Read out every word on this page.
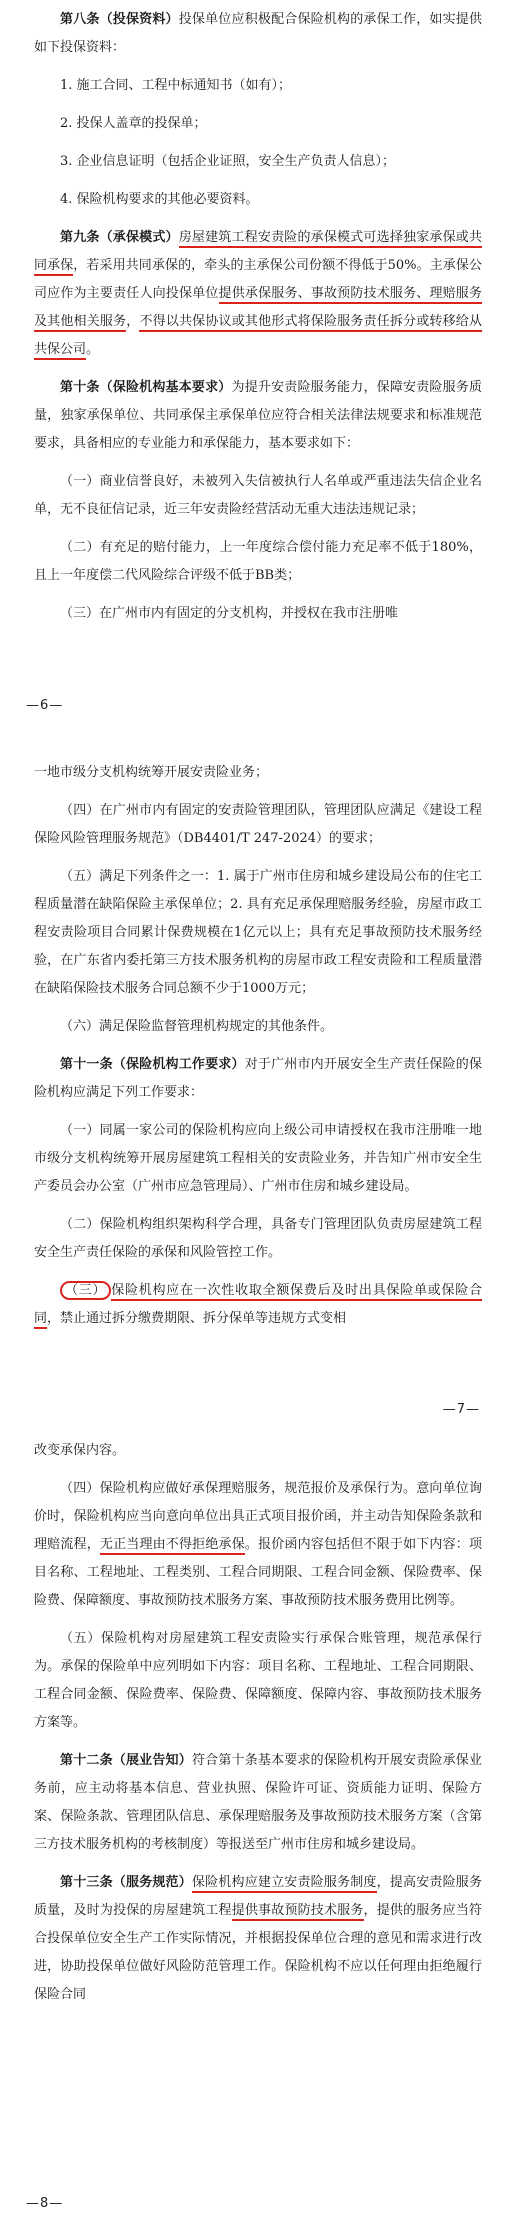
第八条（投保资料）投保单位应积极配合保险机构的承保工作，如实提供如下投保资料：

1. 施工合同、工程中标通知书（如有）；

2. 投保人盖章的投保单；

3. 企业信息证明（包括企业证照，安全生产负责人信息）；

4. 保险机构要求的其他必要资料。

第九条（承保模式）房屋建筑工程安责险的承保模式可选择独家承保或共同承保，若采用共同承保的，牵头的主承保公司份额不得低于50%。主承保公司应作为主要责任人向投保单位提供承保服务、事故预防技术服务、理赔服务及其他相关服务，不得以共保协议或其他形式将保险服务责任拆分或转移给从共保公司。

第十条（保险机构基本要求）为提升安责险服务能力，保障安责险服务质量，独家承保单位、共同承保主承保单位应符合相关法律法规要求和标准规范要求，具备相应的专业能力和承保能力，基本要求如下：

（一）商业信誉良好，未被列入失信被执行人名单或严重违法失信企业名单，无不良征信记录，近三年安责险经营活动无重大违法违规记录；

（二）有充足的赔付能力，上一年度综合偿付能力充足率不低于180%，且上一年度偿二代风险综合评级不低于BB类；

（三）在广州市内有固定的分支机构，并授权在我市注册唯

—6—

一地市级分支机构统筹开展安责险业务；

（四）在广州市内有固定的安责险管理团队，管理团队应满足《建设工程保险风险管理服务规范》（DB4401/T 247-2024）的要求；

（五）满足下列条件之一：1. 属于广州市住房和城乡建设局公布的住宅工程质量潜在缺陷保险主承保单位；2. 具有充足承保理赔服务经验，房屋市政工程安责险项目合同累计保费规模在1亿元以上；具有充足事故预防技术服务经验，在广东省内委托第三方技术服务机构的房屋市政工程安责险和工程质量潜在缺陷保险技术服务合同总额不少于1000万元；

（六）满足保险监督管理机构规定的其他条件。

第十一条（保险机构工作要求）对于广州市内开展安全生产责任保险的保险机构应满足下列工作要求：

（一）同属一家公司的保险机构应向上级公司申请授权在我市注册唯一地市级分支机构统筹开展房屋建筑工程相关的安责险业务，并告知广州市安全生产委员会办公室（广州市应急管理局）、广州市住房和城乡建设局。

（二）保险机构组织架构科学合理，具备专门管理团队负责房屋建筑工程安全生产责任保险的承保和风险管控工作。

（三） 保险机构应在一次性收取全额保费后及时出具保险单或保险合同，禁止通过拆分缴费期限、拆分保单等违规方式变相

—7—

改变承保内容。

（四）保险机构应做好承保理赔服务，规范报价及承保行为。意向单位询价时，保险机构应当向意向单位出具正式项目报价函，并主动告知保险条款和理赔流程，无正当理由不得拒绝承保。报价函内容包括但不限于如下内容：项目名称、工程地址、工程类别、工程合同期限、工程合同金额、保险费率、保险费、保障额度、事故预防技术服务方案、事故预防技术服务费用比例等。

（五）保险机构对房屋建筑工程安责险实行承保合账管理，规范承保行为。承保的保险单中应列明如下内容：项目名称、工程地址、工程合同期限、工程合同金额、保险费率、保险费、保障额度、保障内容、事故预防技术服务方案等。

第十二条（展业告知）符合第十条基本要求的保险机构开展安责险承保业务前，应主动将基本信息、营业执照、保险许可证、资质能力证明、保险方案、保险条款、管理团队信息、承保理赔服务及事故预防技术服务方案（含第三方技术服务机构的考核制度）等报送至广州市住房和城乡建设局。

第十三条（服务规范）保险机构应建立安责险服务制度，提高安责险服务质量，及时为投保的房屋建筑工程提供事故预防技术服务，提供的服务应当符合投保单位安全生产工作实际情况，并根据投保单位合理的意见和需求进行改进，协助投保单位做好风险防范管理工作。保险机构不应以任何理由拒绝履行保险合同

—8—
